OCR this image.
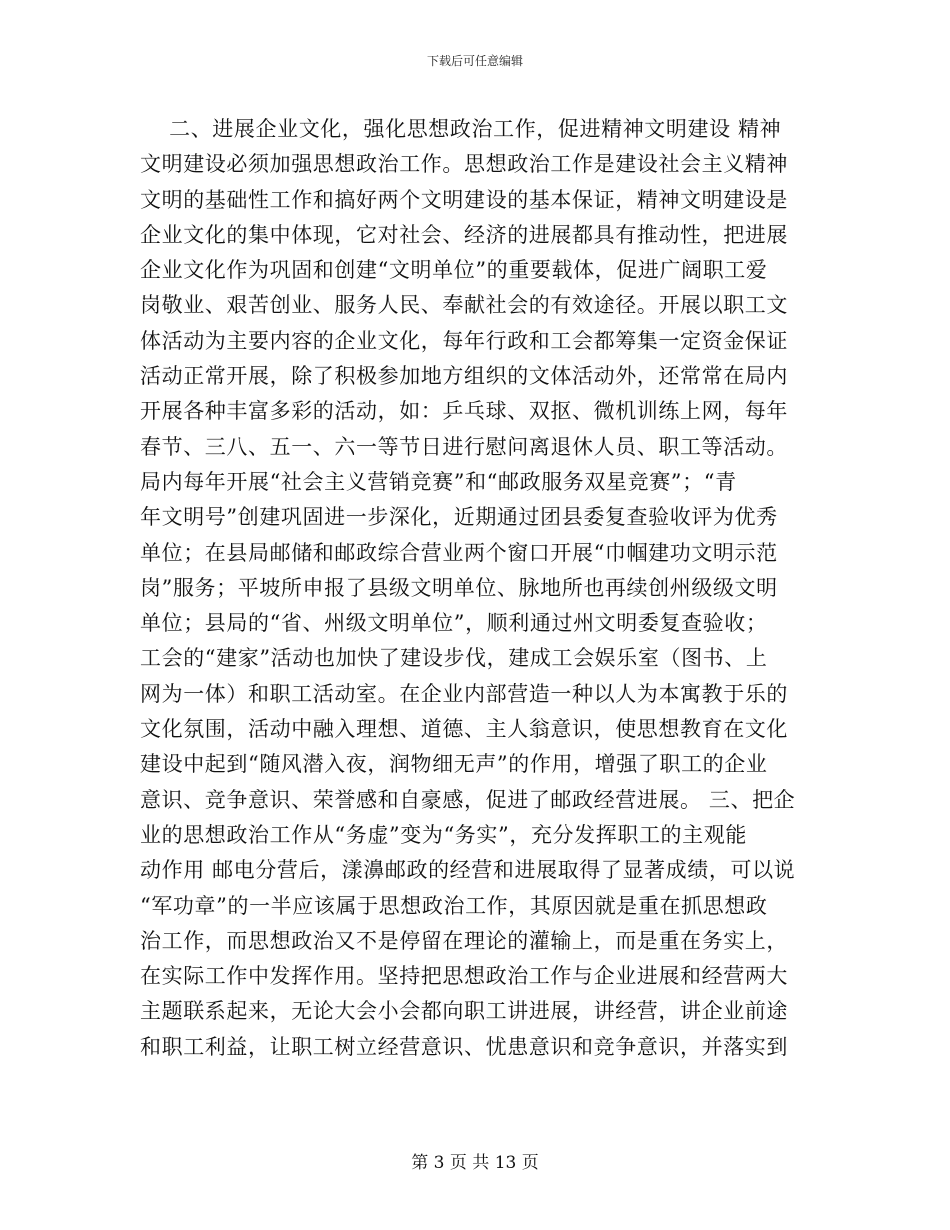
下载后可任意编辑
二、进展企业文化，强化思想政治工作，促进精神文明建设 精神
文明建设必须加强思想政治工作。思想政治工作是建设社会主义精神
文明的基础性工作和搞好两个文明建设的基本保证，精神文明建设是
企业文化的集中体现，它对社会、经济的进展都具有推动性，把进展
企业文化作为巩固和创建“文明单位”的重要载体，促进广阔职工爱
岗敬业、艰苦创业、服务人民、奉献社会的有效途径。开展以职工文
体活动为主要内容的企业文化，每年行政和工会都筹集一定资金保证
活动正常开展，除了积极参加地方组织的文体活动外，还常常在局内
开展各种丰富多彩的活动，如：乒乓球、双抠、微机训练上网，每年
春节、三八、五一、六一等节日进行慰问离退休人员、职工等活动。
局内每年开展“社会主义营销竞赛”和“邮政服务双星竞赛”；“青
年文明号”创建巩固进一步深化，近期通过团县委复查验收评为优秀
单位；在县局邮储和邮政综合营业两个窗口开展“巾帼建功文明示范
岗”服务；平坡所申报了县级文明单位、脉地所也再续创州级级文明
单位；县局的“省、州级文明单位”，顺利通过州文明委复查验收；
工会的“建家”活动也加快了建设步伐，建成工会娱乐室（图书、上
网为一体）和职工活动室。在企业内部营造一种以人为本寓教于乐的
文化氛围，活动中融入理想、道德、主人翁意识，使思想教育在文化
建设中起到“随风潜入夜，润物细无声”的作用，增强了职工的企业
意识、竞争意识、荣誉感和自豪感，促进了邮政经营进展。 三、把企
业的思想政治工作从“务虚”变为“务实”，充分发挥职工的主观能
动作用 邮电分营后，漾濞邮政的经营和进展取得了显著成绩，可以说
“军功章”的一半应该属于思想政治工作，其原因就是重在抓思想政
治工作，而思想政治又不是停留在理论的灌输上，而是重在务实上，
在实际工作中发挥作用。坚持把思想政治工作与企业进展和经营两大
主题联系起来，无论大会小会都向职工讲进展，讲经营，讲企业前途
和职工利益，让职工树立经营意识、忧患意识和竞争意识，并落实到
第 3 页 共 13 页
